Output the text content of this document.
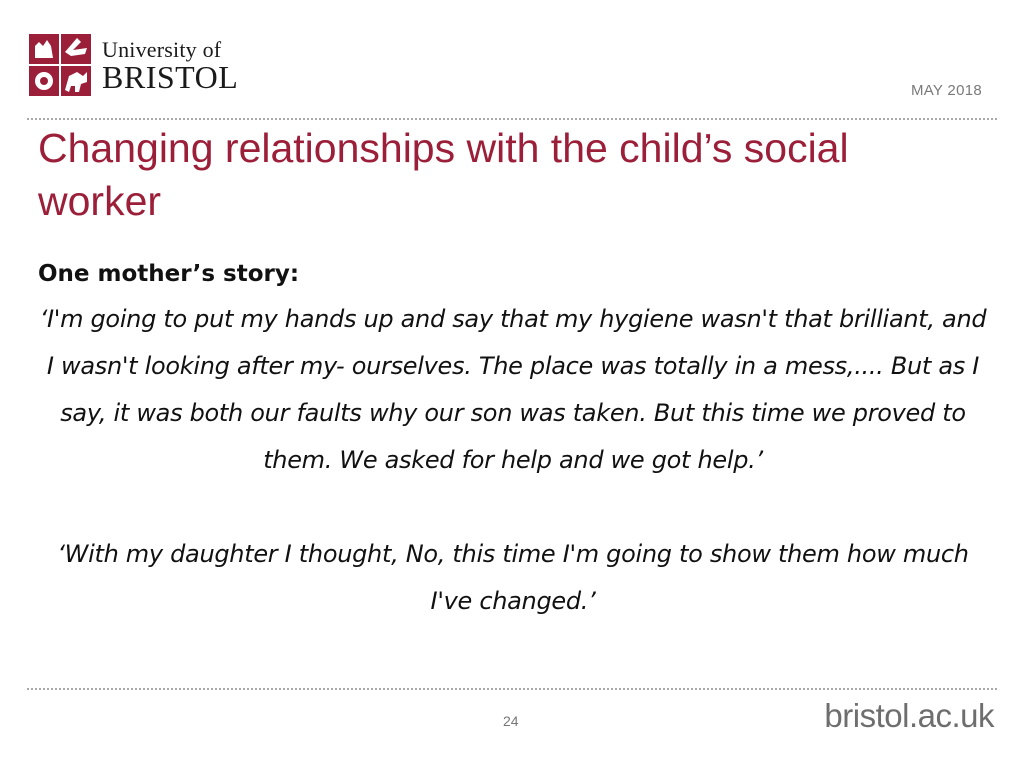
University of
BRISTOL	MAY 2018
Changing relationships with the child’s social worker

One mother’s story:

‘I'm going to put my hands up and say that my hygiene wasn't that brilliant, and I wasn't looking after my- ourselves. The place was totally in a mess,.... But as I say, it was both our faults why our son was taken. But this time we proved to them. We asked for help and we got help.’

‘With my daughter I thought, No, this time I'm going to show them how much I've changed.’

24	bristol.ac.uk
